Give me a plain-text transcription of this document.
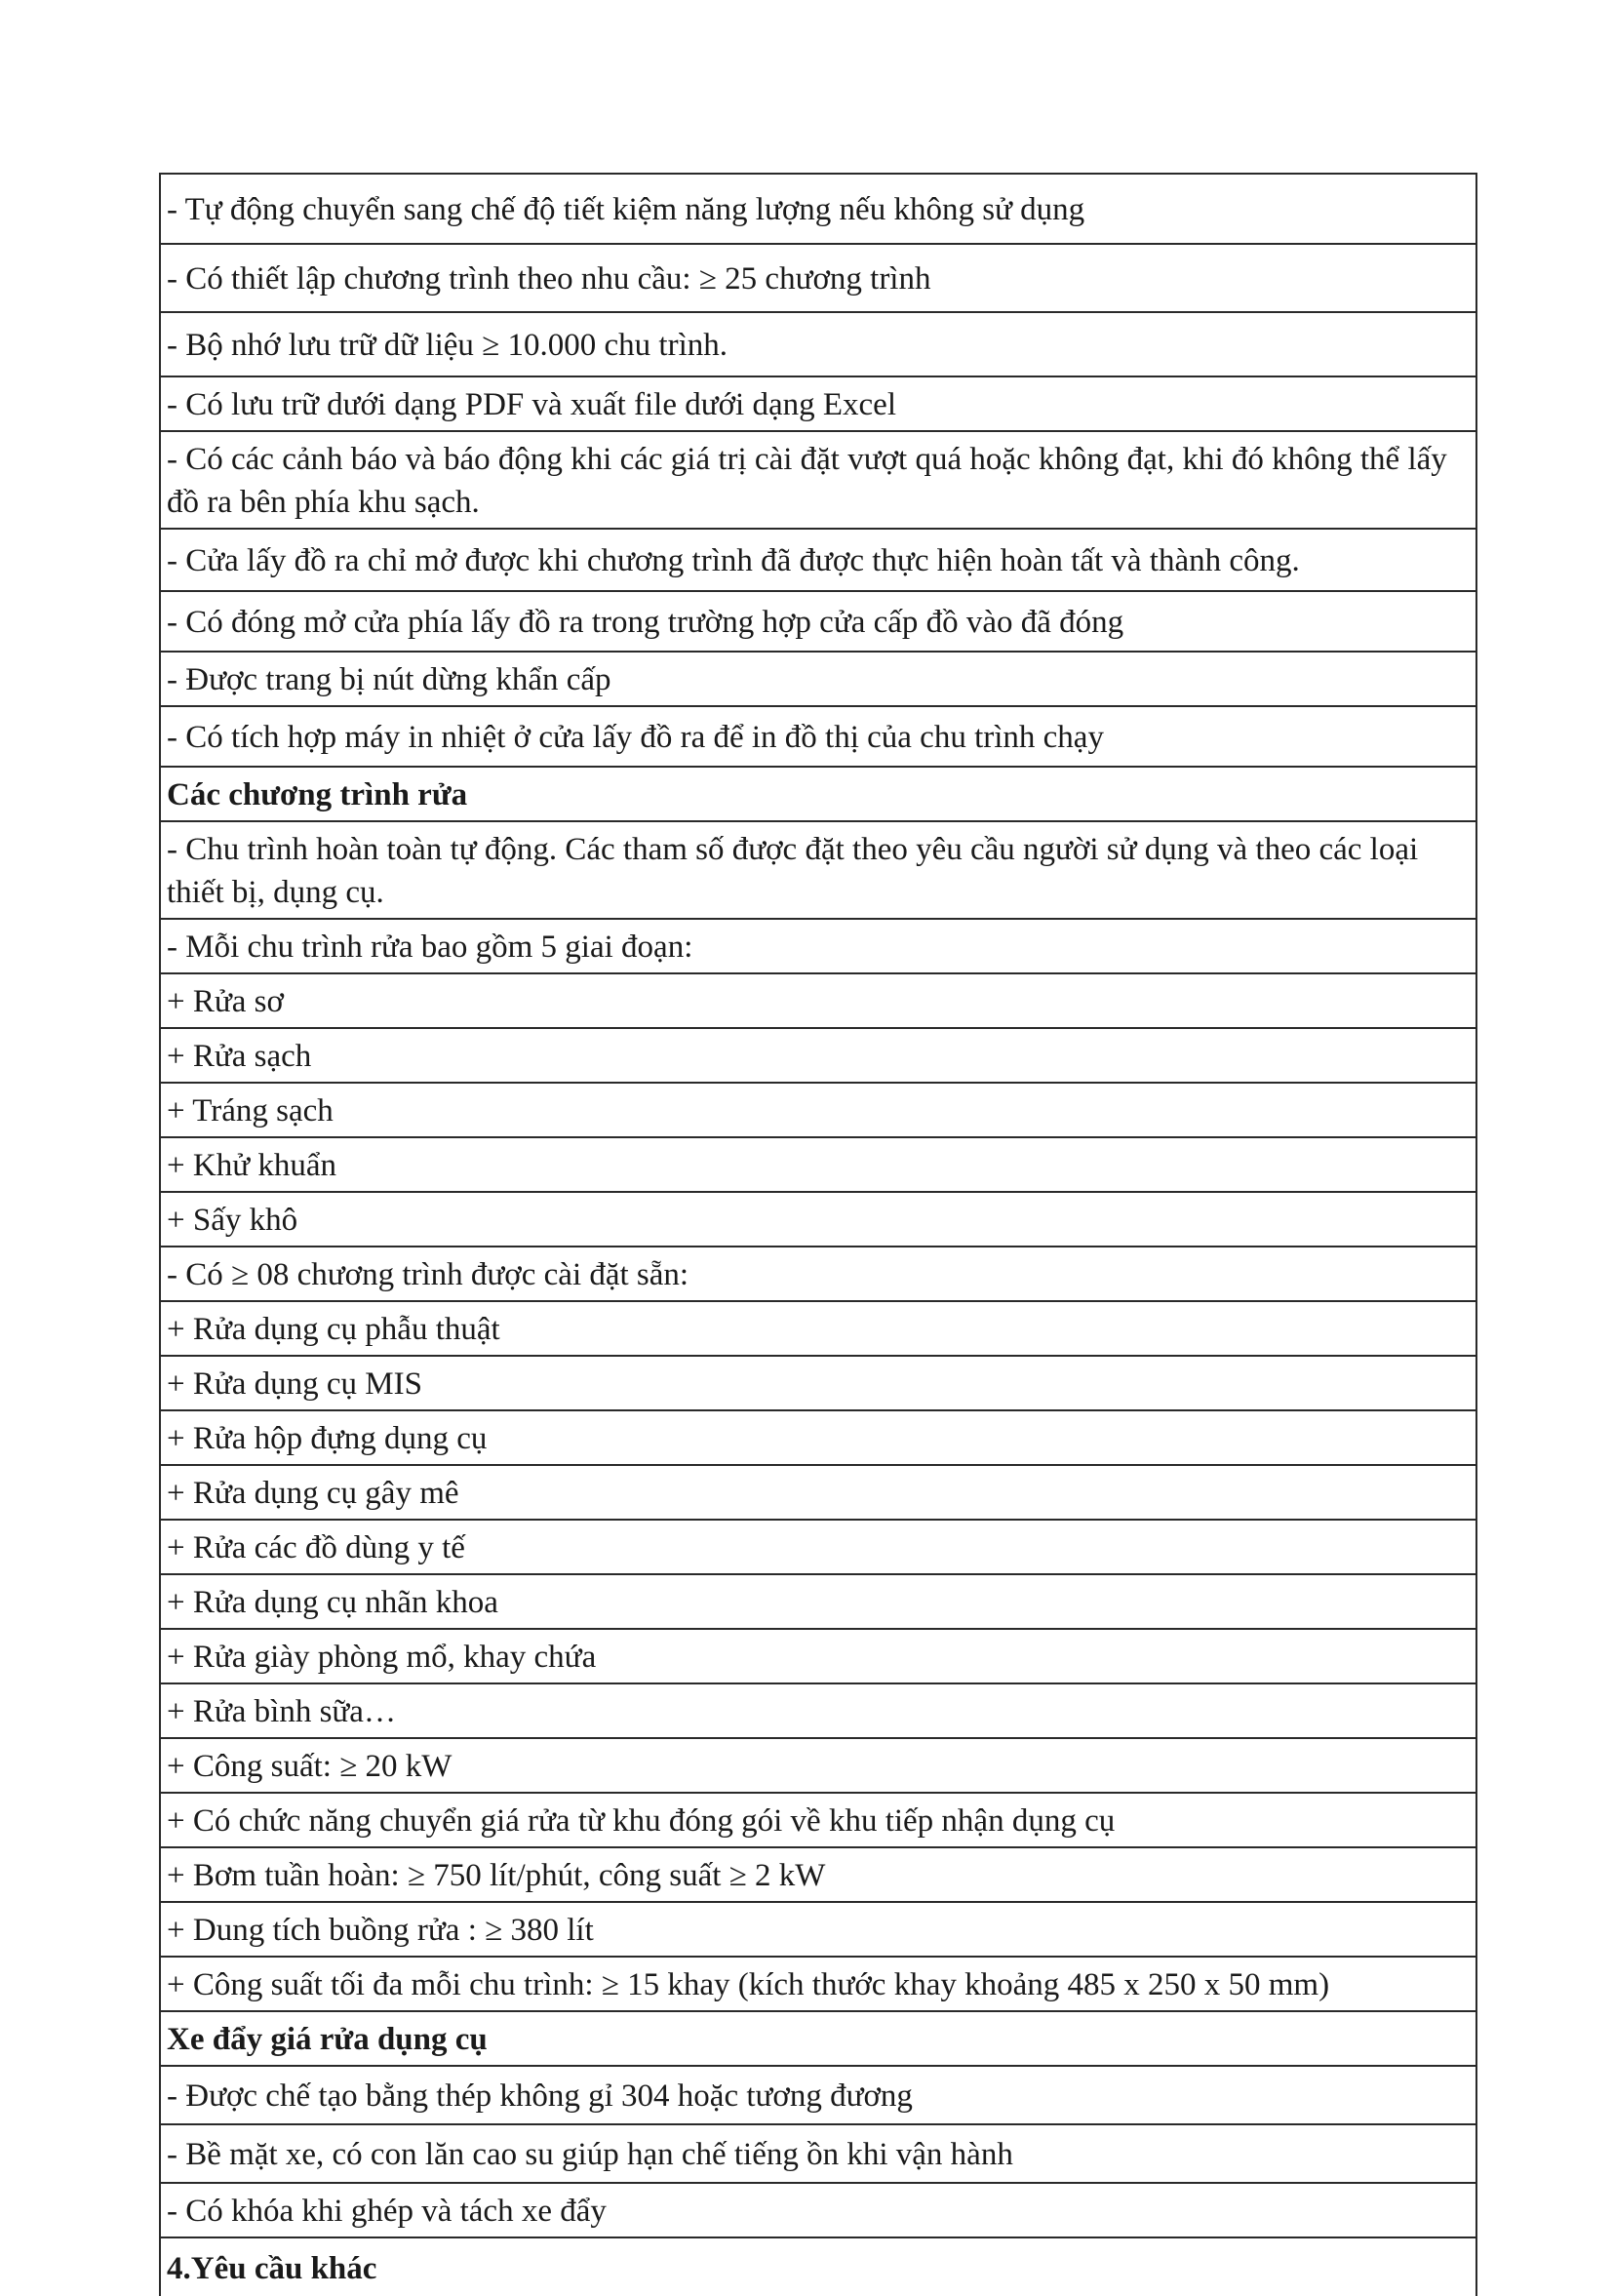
- Tự động chuyển sang chế độ tiết kiệm năng lượng nếu không sử dụng
- Có thiết lập chương trình theo nhu cầu: ≥ 25 chương trình
- Bộ nhớ lưu trữ dữ liệu ≥ 10.000 chu trình.
- Có lưu trữ dưới dạng PDF và xuất file dưới dạng Excel
- Có các cảnh báo và báo động khi các giá trị cài đặt vượt quá hoặc không đạt, khi đó không thể lấy đồ ra bên phía khu sạch.
- Cửa lấy đồ ra chỉ mở được khi chương trình đã được thực hiện hoàn tất và thành công.
- Có đóng mở cửa phía lấy đồ ra trong trường hợp cửa cấp đồ vào đã đóng
- Được trang bị nút dừng khẩn cấp
- Có tích hợp máy in nhiệt ở cửa lấy đồ ra để in đồ thị của chu trình chạy
Các chương trình rửa
- Chu trình hoàn toàn tự động. Các tham số được đặt theo yêu cầu người sử dụng và theo các loại thiết bị, dụng cụ.
- Mỗi chu trình rửa bao gồm 5 giai đoạn:
+ Rửa sơ
+ Rửa sạch
+ Tráng sạch
+ Khử khuẩn
+ Sấy khô
- Có ≥ 08 chương trình được cài đặt sẵn:
+ Rửa dụng cụ phẫu thuật
+ Rửa dụng cụ MIS
+ Rửa hộp đựng dụng cụ
+ Rửa dụng cụ gây mê
+ Rửa các đồ dùng y tế
+ Rửa dụng cụ nhãn khoa
+ Rửa giày phòng mổ, khay chứa
+ Rửa bình sữa…
+ Công suất: ≥ 20 kW
+ Có chức năng chuyển giá rửa từ khu đóng gói về khu tiếp nhận dụng cụ
+ Bơm tuần hoàn: ≥ 750 lít/phút, công suất ≥ 2 kW
+ Dung tích buồng rửa : ≥ 380 lít
+ Công suất tối đa mỗi chu trình: ≥ 15 khay (kích thước khay khoảng 485 x 250 x 50 mm)
Xe đẩy giá rửa dụng cụ
- Được chế tạo bằng thép không gỉ 304 hoặc tương đương
- Bề mặt xe, có con lăn cao su giúp hạn chế tiếng ồn khi vận hành
- Có khóa khi ghép và tách xe đẩy
4.Yêu cầu khác
